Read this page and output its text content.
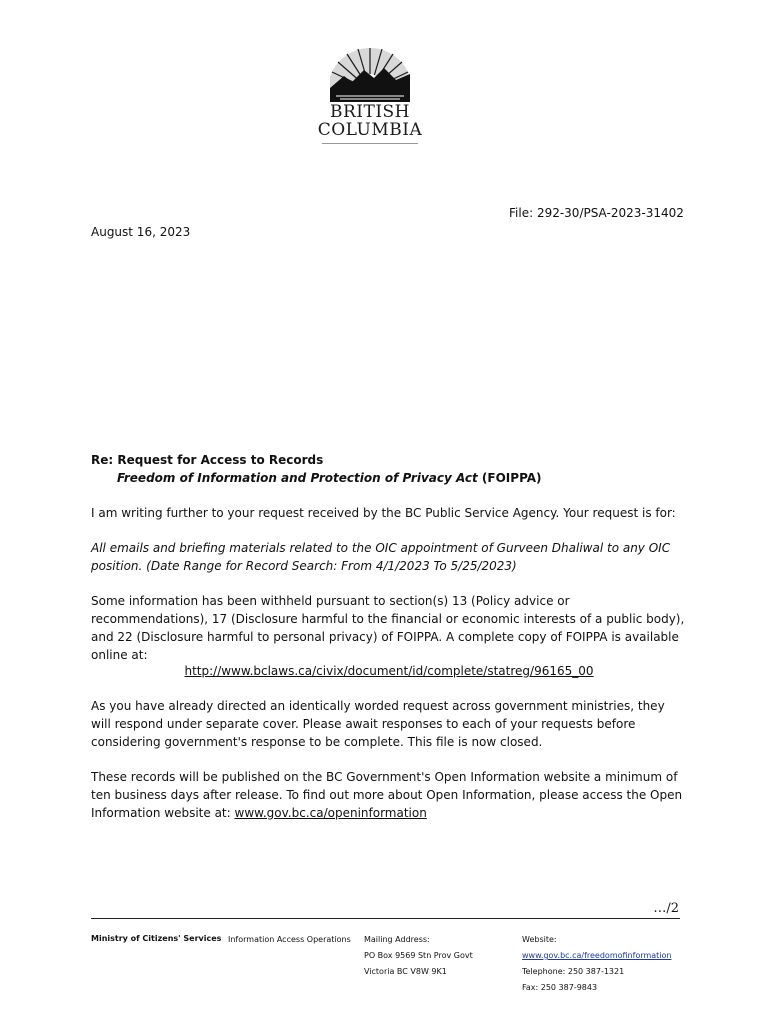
BRITISH
COLUMBIA
File: 292-30/PSA-2023-31402
August 16, 2023
Re: Request for Access to Records
Freedom of Information and Protection of Privacy Act (FOIPPA)
I am writing further to your request received by the BC Public Service Agency. Your request is for:
All emails and briefing materials related to the OIC appointment of Gurveen Dhaliwal to any OIC position. (Date Range for Record Search: From 4/1/2023 To 5/25/2023)
Some information has been withheld pursuant to section(s) 13 (Policy advice or recommendations), 17 (Disclosure harmful to the financial or economic interests of a public body), and 22 (Disclosure harmful to personal privacy) of FOIPPA. A complete copy of FOIPPA is available online at:
http://www.bclaws.ca/civix/document/id/complete/statreg/96165_00
As you have already directed an identically worded request across government ministries, they will respond under separate cover. Please await responses to each of your requests before considering government's response to be complete. This file is now closed.
These records will be published on the BC Government's Open Information website a minimum of ten business days after release. To find out more about Open Information, please access the Open Information website at: www.gov.bc.ca/openinformation
…/2
Ministry of Citizens' Services Information Access Operations Mailing Address:
PO Box 9569 Stn Prov Govt
Victoria BC V8W 9K1
Website:
www.gov.bc.ca/freedomofinformation
Telephone: 250 387-1321
Fax: 250 387-9843
